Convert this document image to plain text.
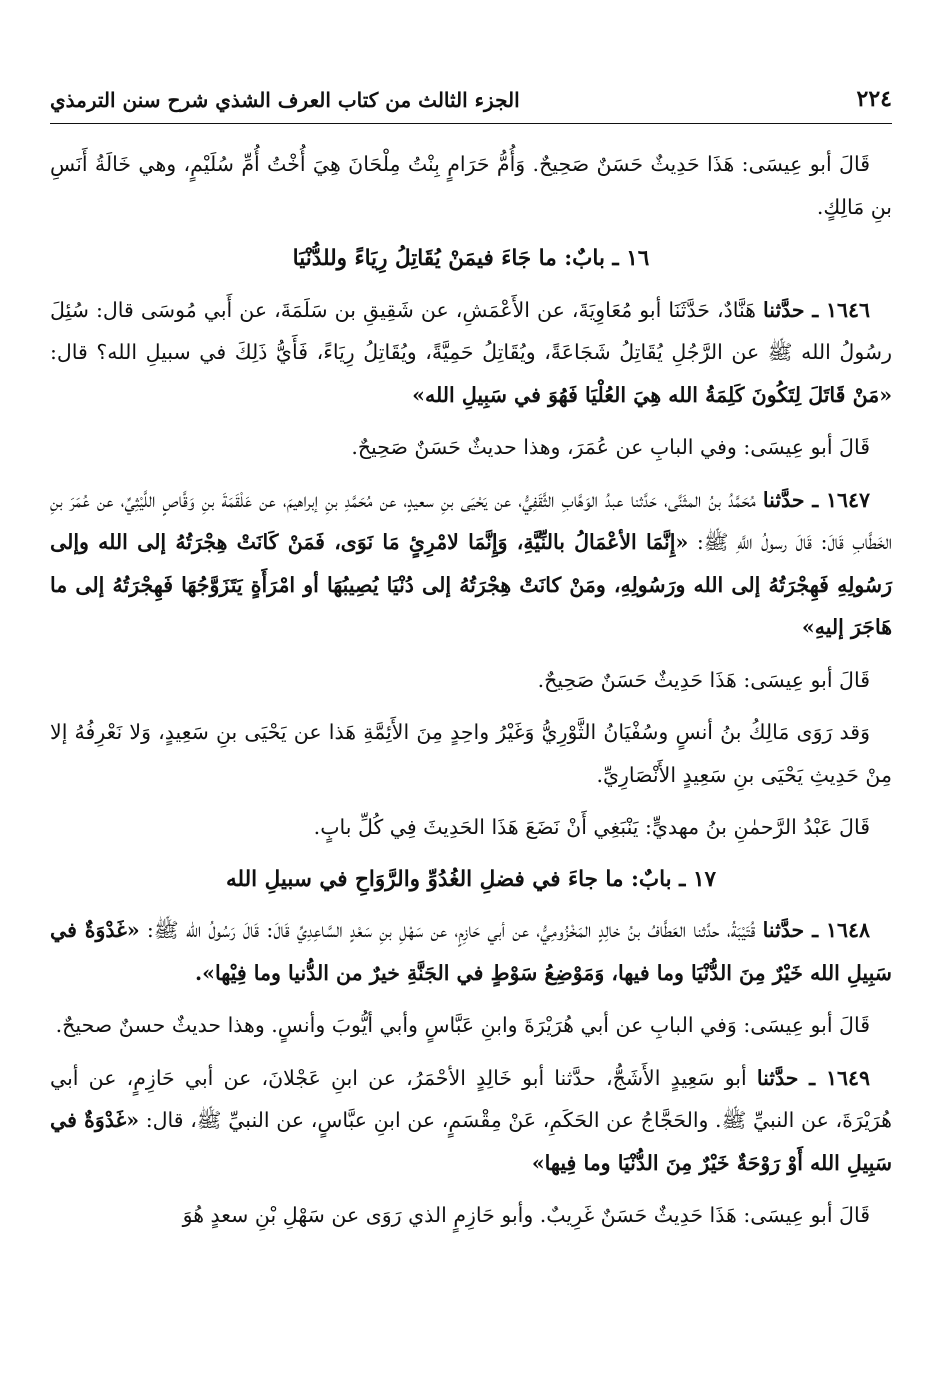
٢٢٤
الجزء الثالث من كتاب العرف الشذي شرح سنن الترمذي

قَالَ أبو عِيسَى: هَذَا حَدِيثٌ حَسَنٌ صَحِيحٌ. وَأُمُّ حَرَامٍ بِنْتُ مِلْحَانَ هِيَ أُخْتُ أُمِّ سُلَيْمٍ، وهي خَالَةُ أَنَسِ بنِ مَالِكٍ.

١٦ ـ بابٌ: ما جَاءَ فيمَنْ يُقَاتِلُ رِيَاءً وللدُّنْيَا

١٦٤٦ ـ حدَّثنا هَنَّادٌ، حَدَّثَنَا أبو مُعَاوِيَةَ، عن الأَعْمَشِ، عن شَقِيقِ بن سَلَمَةَ، عن أَبي مُوسَى قال: سُئِلَ رسُولُ الله ﷺ عن الرَّجُلِ يُقَاتِلُ شَجَاعَةً، ويُقَاتِلُ حَمِيَّةً، ويُقَاتِلُ رِيَاءً، فَأَيُّ ذَلِكَ في سبيلِ الله؟ قال: «مَنْ قَاتَلَ لِتَكُونَ كَلِمَةُ الله هِيَ العُلْيَا فَهُوَ في سَبِيلِ الله»

قَالَ أبو عِيسَى: وفي البابِ عن عُمَرَ، وهذا حديثٌ حَسَنٌ صَحِيحٌ.

١٦٤٧ ـ حدَّثنا مُحَمَّدُ بنُ المثَنَّى، حَدَّثنا عبدُ الوَهَّابِ الثَّقَفِيُّ، عن يَحْيَى بنِ سعيدٍ، عن مُحَمَّدِ بنِ إبراهيمَ، عن عَلْقَمَةَ بنِ وَقَّاصٍ اللَّيْثِيِّ، عن عُمَرَ بنِ الخَطَّابِ قَالَ: قَالَ رسولُ اللَّهِ ﷺ: «إِنَّمَا الأعْمَالُ بالنِّيَّةِ، وَإِنَّمَا لامْرِئٍ مَا نَوَى، فَمَنْ كَانَتْ هِجْرَتُهُ إلى الله وإلى رَسُولِهِ فَهِجْرَتُهُ إلى الله ورَسُولِهِ، ومَنْ كانَتْ هِجْرَتُهُ إلى دُنْيَا يُصِيبُهَا أو امْرَأَةٍ يَتَزَوَّجُهَا فَهِجْرَتُهُ إلى ما هَاجَرَ إليهِ»

قَالَ أبو عِيسَى: هَذَا حَدِيثٌ حَسَنٌ صَحِيحٌ.

وَقد رَوَى مَالِكُ بنُ أنسٍ وسُفْيَانُ الثَّوْرِيُّ وَغَيْرُ واحِدٍ مِنَ الأَئِمَّةِ هَذا عن يَحْيَى بنِ سَعِيدٍ، وَلا نَعْرِفُهُ إلا مِنْ حَدِيثِ يَحْيَى بنِ سَعِيدٍ الأَنْصَارِيِّ.

قَالَ عَبْدُ الرَّحمٰنِ بنُ مهديٍّ: يَنْبَغِي أَنْ نَضَعَ هَذَا الحَدِيثَ فِي كُلِّ بابٍ.

١٧ ـ بابٌ: ما جاءَ في فضلِ الغُدُوِّ والرَّوَاحِ في سبيلِ الله

١٦٤٨ ـ حدَّثنا قُتَيْبَةُ، حدَّثنا العَطَّافُ بنُ خالِدٍ المَخْزُومِيُّ، عن أبي حَازِمٍ، عن سَهْلِ بنِ سَعْدٍ السَّاعِدِيِّ قَالَ: قَالَ رَسُولُ الله ﷺ: «غَدْوَةٌ في سَبِيلِ الله خَيْرٌ مِنَ الدُّنْيَا وما فيها، وَمَوْضِعُ سَوْطٍ في الجَنَّةِ خيرٌ من الدُّنيا وما فِيْها».

قَالَ أبو عِيسَى: وَفي البابِ عن أبي هُرَيْرَةَ وابنِ عَبَّاسٍ وأبي أيُّوبَ وأنسٍ. وهذا حديثٌ حسنٌ صحيحٌ.

١٦٤٩ ـ حدَّثنا أبو سَعِيدٍ الأَشَجُّ، حدَّثنا أبو خَالِدٍ الأحْمَرُ، عن ابنِ عَجْلانَ، عن أبي حَازِمٍ، عن أبي هُرَيْرَةَ، عن النبيِّ ﷺ. والحَجَّاجُ عن الحَكَمِ، عَنْ مِقْسَمٍ، عن ابنِ عبَّاسٍ، عن النبيِّ ﷺ، قال: «غَدْوَةٌ في سَبِيلِ الله أَوْ رَوْحَةٌ خَيْرٌ مِنَ الدُّنْيَا وما فِيها»

قَالَ أبو عِيسَى: هَذَا حَدِيثٌ حَسَنٌ غَرِيبٌ. وأبو حَازِمٍ الذي رَوَى عن سَهْلِ بْنِ سعدٍ هُوَ
